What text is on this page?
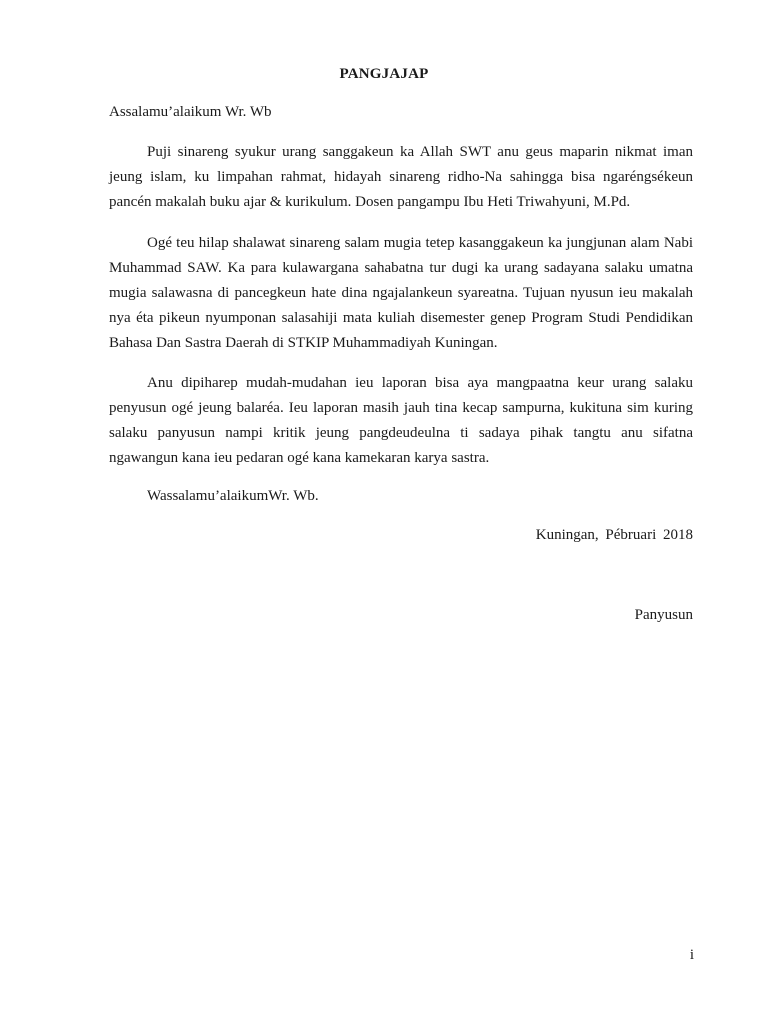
PANGJAJAP
Assalamu’alaikum Wr. Wb

Puji sinareng syukur urang sanggakeun ka Allah SWT anu geus maparin nikmat iman jeung islam, ku limpahan rahmat, hidayah sinareng ridho-Na sahingga bisa ngaréngsékeun pancén makalah buku ajar & kurikulum. Dosen pangampu Ibu Heti Triwahyuni, M.Pd.

Ogé teu hilap shalawat sinareng salam mugia tetep kasanggakeun ka jungjunan alam Nabi Muhammad SAW. Ka para kulawargana sahabatna tur dugi ka urang sadayana salaku umatna mugia salawasna di pancegkeun hate dina ngajalankeun syareatna. Tujuan nyusun ieu makalah nya éta pikeun nyumponan salasahiji mata kuliah disemester genep Program Studi Pendidikan Bahasa Dan Sastra Daerah di STKIP Muhammadiyah Kuningan.

Anu dipiharep mudah-mudahan ieu laporan bisa aya mangpaatna keur urang salaku penyusun ogé jeung balaréa. Ieu laporan masih jauh tina kecap sampurna, kukituna sim kuring salaku panyusun nampi kritik jeung pangdeudeulna ti sadaya pihak tangtu anu sifatna ngawangun kana ieu pedaran ogé kana kamekaran karya sastra.

Wassalamu’alaikumWr. Wb.
Kuningan, Pébruari 2018
Panyusun
i
